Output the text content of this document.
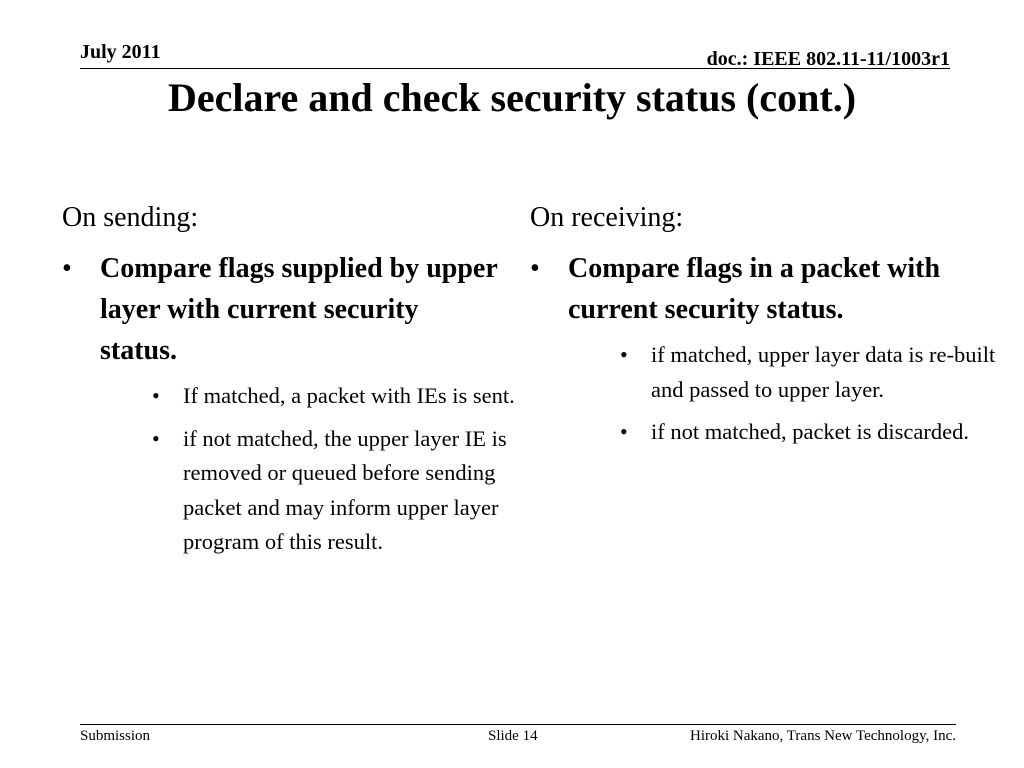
July 2011	doc.: IEEE 802.11-11/1003r1
Declare and check security status (cont.)
On sending:
• Compare flags supplied by upper layer with current security status.
• If matched, a packet with IEs is sent.
• if not matched, the upper layer IE is removed or queued before sending packet and may inform upper layer program of this result.
On receiving:
• Compare flags in a packet with current security status.
• if matched, upper layer data is re-built and passed to upper layer.
• if not matched, packet is discarded.
Submission	Slide 14	Hiroki Nakano, Trans New Technology, Inc.
